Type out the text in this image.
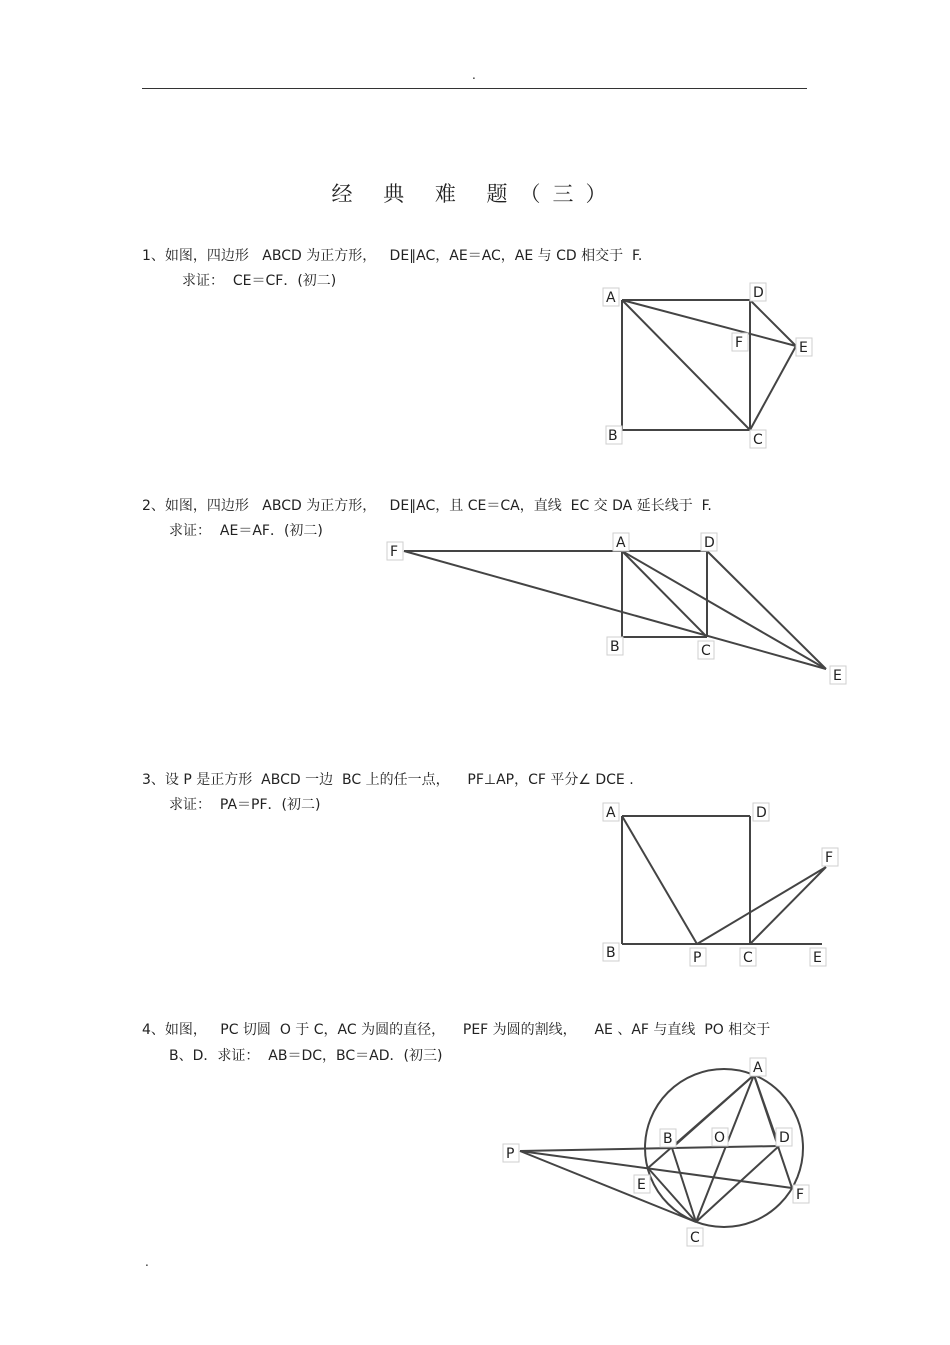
.
经 典 难 题（三）
1、如图，四边形   ABCD 为正方形，   DE∥AC，AE＝AC，AE 与 CD 相交于  F.
求证：  CE＝CF．(初二)
A	D
F	E
B	C
2、如图，四边形   ABCD 为正方形，   DE∥AC，且 CE＝CA，直线  EC 交 DA 延长线于  F.
求证：  AE＝AF．(初二)
F
A	D
B	C
E
3、设 P 是正方形  ABCD 一边  BC 上的任一点，    PF⊥AP，CF 平分∠ DCE .
求证：  PA＝PF．(初二)	A	D
F
B	P	C	E
4、如图，   PC 切圆  O 于 C，AC 为圆的直径，    PEF 为圆的割线，    AE 、AF 与直线  PO 相交于
B、D．求证：  AB＝DC，BC＝AD．(初三)
A
P
B	O	D
E
F
C
.
